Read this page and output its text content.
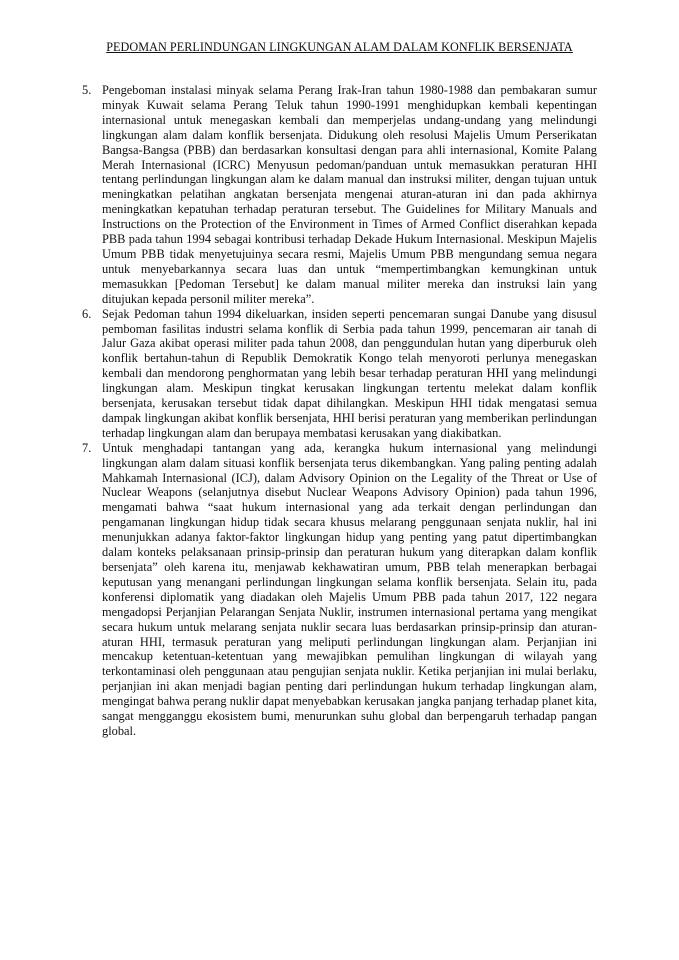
PEDOMAN PERLINDUNGAN LINGKUNGAN ALAM DALAM KONFLIK BERSENJATA
5. Pengeboman instalasi minyak selama Perang Irak-Iran tahun 1980-1988 dan pembakaran sumur minyak Kuwait selama Perang Teluk tahun 1990-1991 menghidupkan kembali kepentingan internasional untuk menegaskan kembali dan memperjelas undang-undang yang melindungi lingkungan alam dalam konflik bersenjata. Didukung oleh resolusi Majelis Umum Perserikatan Bangsa-Bangsa (PBB) dan berdasarkan konsultasi dengan para ahli internasional, Komite Palang Merah Internasional (ICRC) Menyusun pedoman/panduan untuk memasukkan peraturan HHI tentang perlindungan lingkungan alam ke dalam manual dan instruksi militer, dengan tujuan untuk meningkatkan pelatihan angkatan bersenjata mengenai aturan-aturan ini dan pada akhirnya meningkatkan kepatuhan terhadap peraturan tersebut. The Guidelines for Military Manuals and Instructions on the Protection of the Environment in Times of Armed Conflict diserahkan kepada PBB pada tahun 1994 sebagai kontribusi terhadap Dekade Hukum Internasional. Meskipun Majelis Umum PBB tidak menyetujuinya secara resmi, Majelis Umum PBB mengundang semua negara untuk menyebarkannya secara luas dan untuk “mempertimbangkan kemungkinan untuk memasukkan [Pedoman Tersebut] ke dalam manual militer mereka dan instruksi lain yang ditujukan kepada personil militer mereka”.
6. Sejak Pedoman tahun 1994 dikeluarkan, insiden seperti pencemaran sungai Danube yang disusul pemboman fasilitas industri selama konflik di Serbia pada tahun 1999, pencemaran air tanah di Jalur Gaza akibat operasi militer pada tahun 2008, dan penggundulan hutan yang diperburuk oleh konflik bertahun-tahun di Republik Demokratik Kongo telah menyoroti perlunya menegaskan kembali dan mendorong penghormatan yang lebih besar terhadap peraturan HHI yang melindungi lingkungan alam. Meskipun tingkat kerusakan lingkungan tertentu melekat dalam konflik bersenjata, kerusakan tersebut tidak dapat dihilangkan. Meskipun HHI tidak mengatasi semua dampak lingkungan akibat konflik bersenjata, HHI berisi peraturan yang memberikan perlindungan terhadap lingkungan alam dan berupaya membatasi kerusakan yang diakibatkan.
7. Untuk menghadapi tantangan yang ada, kerangka hukum internasional yang melindungi lingkungan alam dalam situasi konflik bersenjata terus dikembangkan. Yang paling penting adalah Mahkamah Internasional (ICJ), dalam Advisory Opinion on the Legality of the Threat or Use of Nuclear Weapons (selanjutnya disebut Nuclear Weapons Advisory Opinion) pada tahun 1996, mengamati bahwa “saat hukum internasional yang ada terkait dengan perlindungan dan pengamanan lingkungan hidup tidak secara khusus melarang penggunaan senjata nuklir, hal ini menunjukkan adanya faktor-faktor lingkungan hidup yang penting yang patut dipertimbangkan dalam konteks pelaksanaan prinsip-prinsip dan peraturan hukum yang diterapkan dalam konflik bersenjata” oleh karena itu, menjawab kekhawatiran umum, PBB telah menerapkan berbagai keputusan yang menangani perlindungan lingkungan selama konflik bersenjata. Selain itu, pada konferensi diplomatik yang diadakan oleh Majelis Umum PBB pada tahun 2017, 122 negara mengadopsi Perjanjian Pelarangan Senjata Nuklir, instrumen internasional pertama yang mengikat secara hukum untuk melarang senjata nuklir secara luas berdasarkan prinsip-prinsip dan aturan-aturan HHI, termasuk peraturan yang meliputi perlindungan lingkungan alam. Perjanjian ini mencakup ketentuan-ketentuan yang mewajibkan pemulihan lingkungan di wilayah yang terkontaminasi oleh penggunaan atau pengujian senjata nuklir. Ketika perjanjian ini mulai berlaku, perjanjian ini akan menjadi bagian penting dari perlindungan hukum terhadap lingkungan alam, mengingat bahwa perang nuklir dapat menyebabkan kerusakan jangka panjang terhadap planet kita, sangat mengganggu ekosistem bumi, menurunkan suhu global dan berpengaruh terhadap pangan global.
